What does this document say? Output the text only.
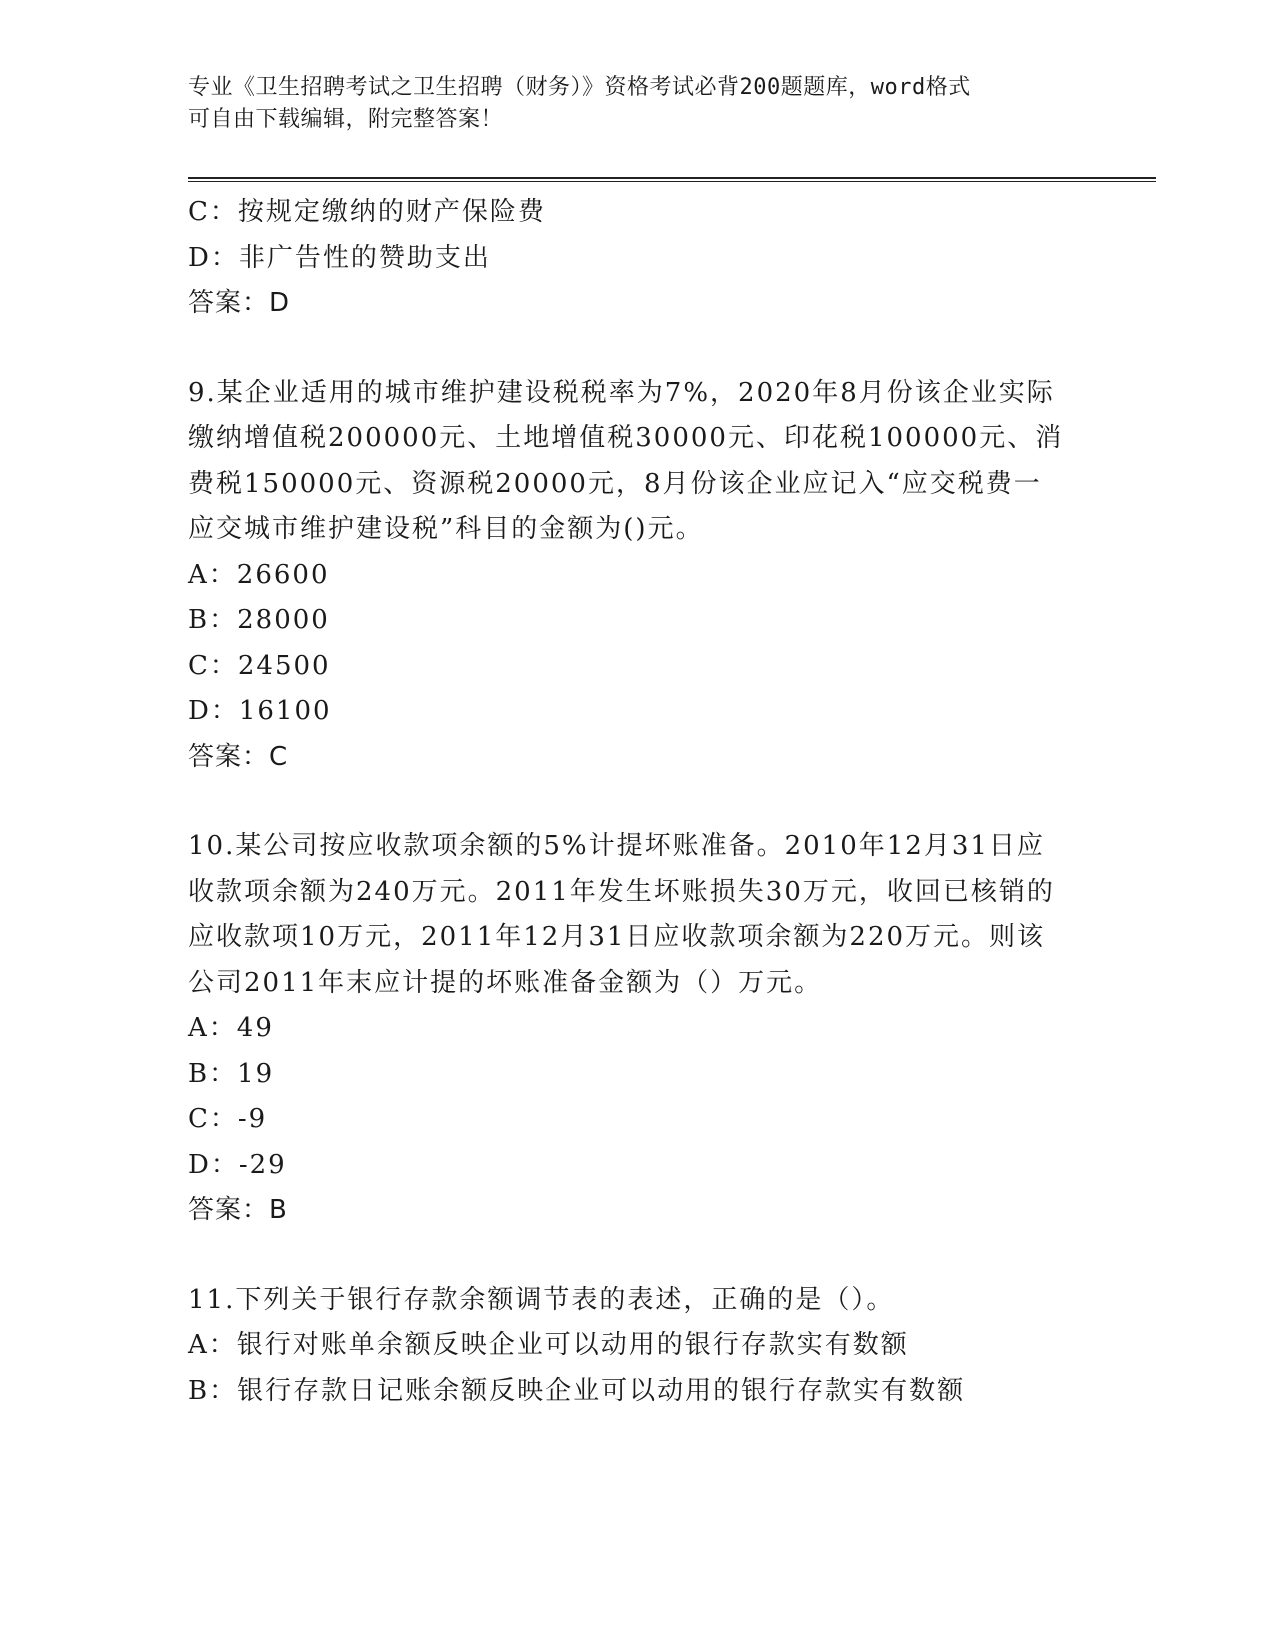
专业《卫生招聘考试之卫生招聘（财务）》资格考试必背200题题库，word格式
可自由下载编辑，附完整答案！

C：按规定缴纳的财产保险费

D：非广告性的赞助支出

答案：D

9.某企业适用的城市维护建设税税率为7%，2020年8月份该企业实际

缴纳增值税200000元、土地增值税30000元、印花税100000元、消

费税150000元、资源税20000元，8月份该企业应记入“应交税费一

应交城市维护建设税”科目的金额为()元。

A：26600

B：28000

C：24500

D：16100

答案：C

10.某公司按应收款项余额的5%计提坏账准备。2010年12月31日应

收款项余额为240万元。2011年发生坏账损失30万元，收回已核销的

应收款项10万元，2011年12月31日应收款项余额为220万元。则该

公司2011年末应计提的坏账准备金额为（）万元。

A：49

B：19

C：-9

D：-29

答案：B

11.下列关于银行存款余额调节表的表述，正确的是（）。

A：银行对账单余额反映企业可以动用的银行存款实有数额

B：银行存款日记账余额反映企业可以动用的银行存款实有数额
